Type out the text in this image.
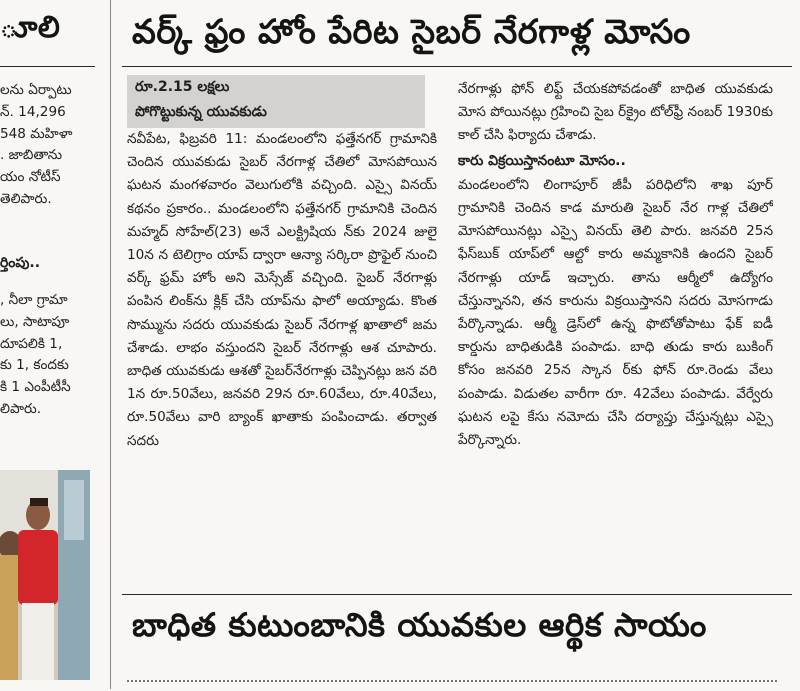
ూలి
లను ఏర్పాటు
న్. 14,296
548 మహిళా
. జాబితాను
యం నోటీస్
తెలిపారు.
ర్తింపు..
, నీలా గ్రామా
లు, సాటాపూ
దూపలికి 1,
కు 1, కందకు
కి 1 ఎంపీటీసీ
లిపారు.
వర్క్ ఫ్రం హోం పేరిట సైబర్ నేరగాళ్ల మోసం
రూ.2.15 లక్షలు
పోగొట్టుకున్న యువకుడు

నవీపేట, ఫిబ్రవరి 11: మండలంలోని ఫత్తేనగర్ గ్రామానికి చెందిన యువకుడు సైబర్ నేరగాళ్ల చేతిలో మోసపోయిన ఘటన మంగళవారం వెలుగులోకి వచ్చింది. ఎస్సై వినయ్ కథనం ప్రకారం.. మండలంలోని ఫత్తేనగర్ గ్రామానికి చెందిన మహ్మద్ సోహేల్(23) అనే ఎలక్ట్రిషియ న్‌కు 2024 జులై 10న న టెలిగ్రాం యాప్ ద్వారా ఆన్యా సర్కిరా ప్రొఫైల్ నుంచి వర్క్ ఫ్రమ్ హోం అని మెస్సేజ్ వచ్చింది. సైబర్ నేరగాళ్లు పంపిన లింక్‌ను క్లిక్ చేసి యాప్‌ను ఫాలో అయ్యాడు. కొంత సొమ్మును సదరు యువకుడు సైబర్ నేరగాళ్ల ఖాతాలో జమ చేశాడు. లాభం వస్తుందని సైబర్ నేరగాళ్లు ఆశ చూపారు. బాధిత యువకుడు ఆశతో సైబర్‌నేరగాళ్లు చెప్పినట్లు జన వరి 1న రూ.50వేలు, జనవరి 29న రూ.60వేలు, రూ.40వేలు, రూ.50వేలు వారి బ్యాంక్ ఖాతాకు పంపించాడు. తర్వాత సదరు

నేరగాళ్లు ఫోన్ లిఫ్ట్ చేయకపోవడంతో బాధిత యువకుడు మోస పోయినట్లు గ్రహించి సైబ ర్‌క్రైం టోల్‌ఫ్రీ నంబర్ 1930కు కాల్ చేసి ఫిర్యాదు చేశాడు.

కారు విక్రయిస్తానంటూ మోసం..

మండలంలోని లింగాపూర్ జీపీ పరిధిలోని శాఖ పూర్ గ్రామానికి చెందిన కాడ మారుతి సైబర్ నేర గాళ్ల చేతిలో మోసపోయినట్లు ఎస్సై వినయ్ తెలి పారు. జనవరి 25న ఫేస్‌బుక్ యాప్‌లో ఆల్టో కారు అమ్మకానికి ఉందని సైబర్ నేరగాళ్లు యాడ్ ఇచ్చారు. తాను ఆర్మీలో ఉద్యోగం చేస్తున్నానని, తన కారును విక్రయిస్తానని సదరు మోసగాడు పేర్కొన్నాడు. ఆర్మీ డ్రెస్‌లో ఉన్న ఫొటోతోపాటు ఫేక్ ఐడీ కార్డును బాధితుడికి పంపాడు. బాధి తుడు కారు బుకింగ్ కోసం జనవరి 25న స్కాన ర్‌కు ఫోన్ రూ.రెండు వేలు పంపాడు. విడుతల వారీగా రూ. 42వేలు పంపాడు. వేర్వేరు ఘటన లపై కేసు నమోదు చేసి దర్యాప్తు చేస్తున్నట్లు ఎస్సై పేర్కొన్నారు.

బాధిత కుటుంబానికి యువకుల ఆర్థిక సాయం
